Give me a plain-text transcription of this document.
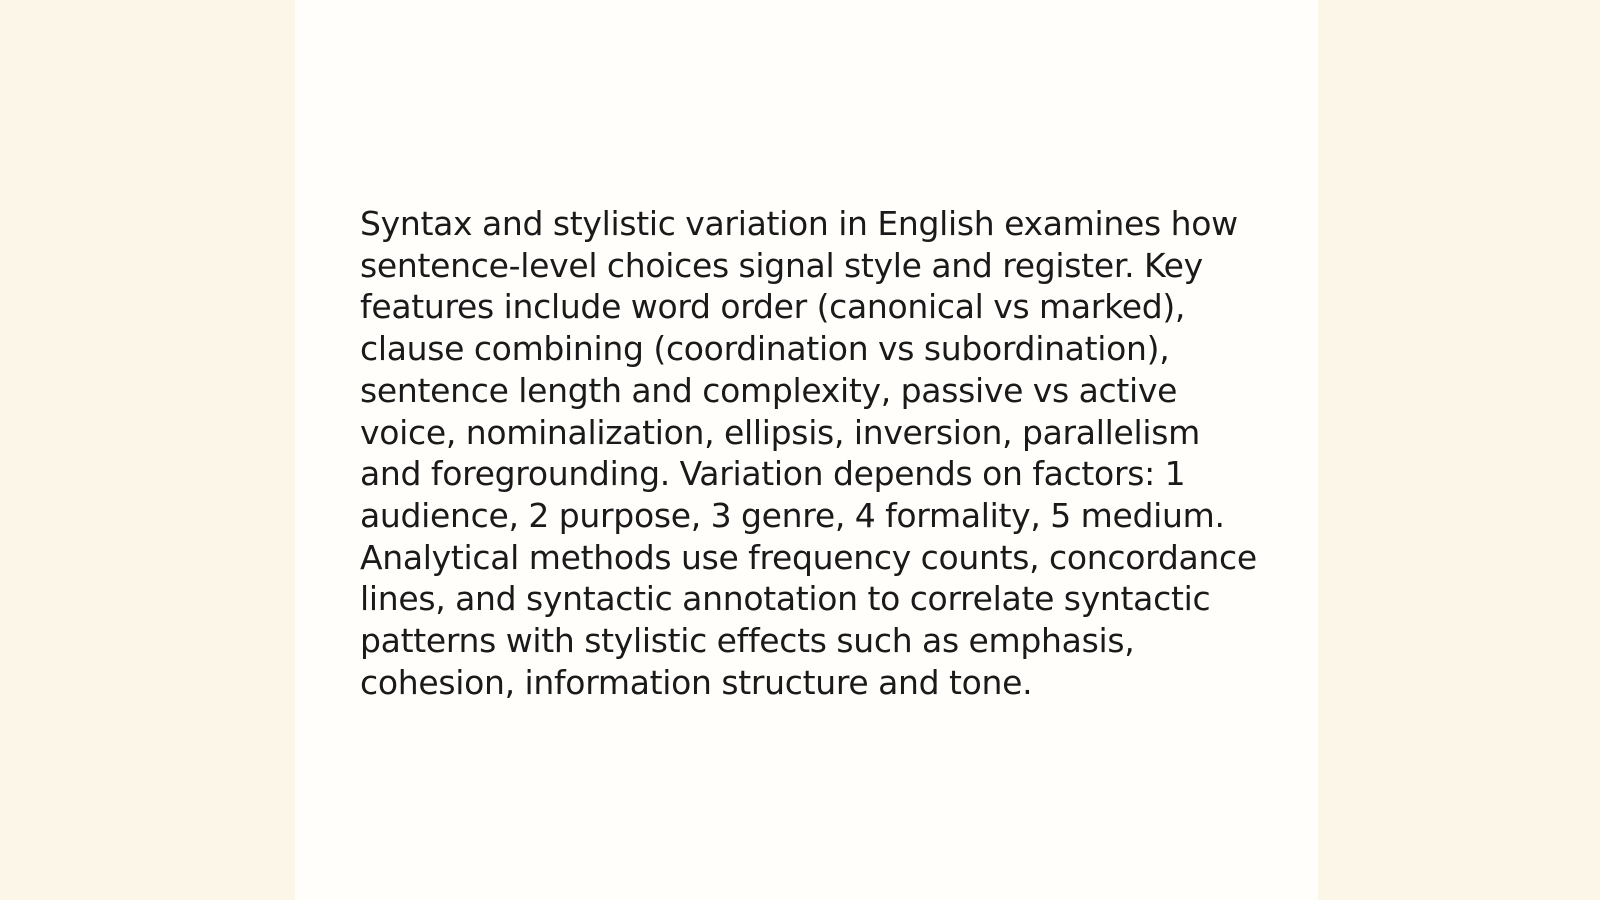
Syntax and stylistic variation in English examines how sentence-level choices signal style and register. Key features include word order (canonical vs marked), clause combining (coordination vs subordination), sentence length and complexity, passive vs active voice, nominalization, ellipsis, inversion, parallelism and foregrounding. Variation depends on factors: 1 audience, 2 purpose, 3 genre, 4 formality, 5 medium. Analytical methods use frequency counts, concordance lines, and syntactic annotation to correlate syntactic patterns with stylistic effects such as emphasis, cohesion, information structure and tone.
